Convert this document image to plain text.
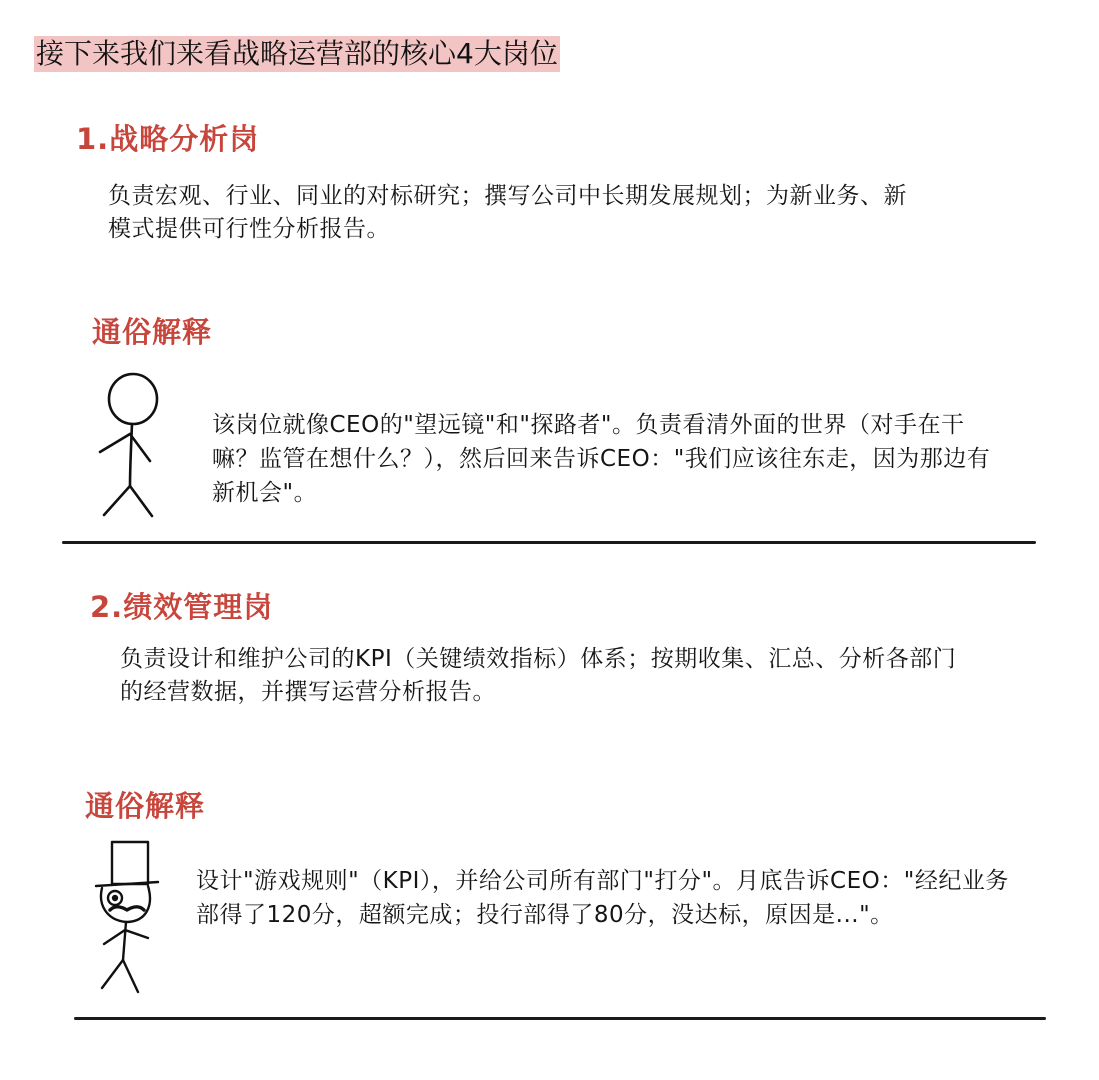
接下来我们来看战略运营部的核心4大岗位
1.战略分析岗
负责宏观、行业、同业的对标研究；撰写公司中长期发展规划；为新业务、新模式提供可行性分析报告。
通俗解释
该岗位就像CEO的"望远镜"和"探路者"。负责看清外面的世界（对手在干嘛？监管在想什么？），然后回来告诉CEO："我们应该往东走，因为那边有新机会"。
2.绩效管理岗
负责设计和维护公司的KPI（关键绩效指标）体系；按期收集、汇总、分析各部门的经营数据，并撰写运营分析报告。
通俗解释
设计"游戏规则"（KPI），并给公司所有部门"打分"。月底告诉CEO："经纪业务部得了120分，超额完成；投行部得了80分，没达标，原因是..."。
